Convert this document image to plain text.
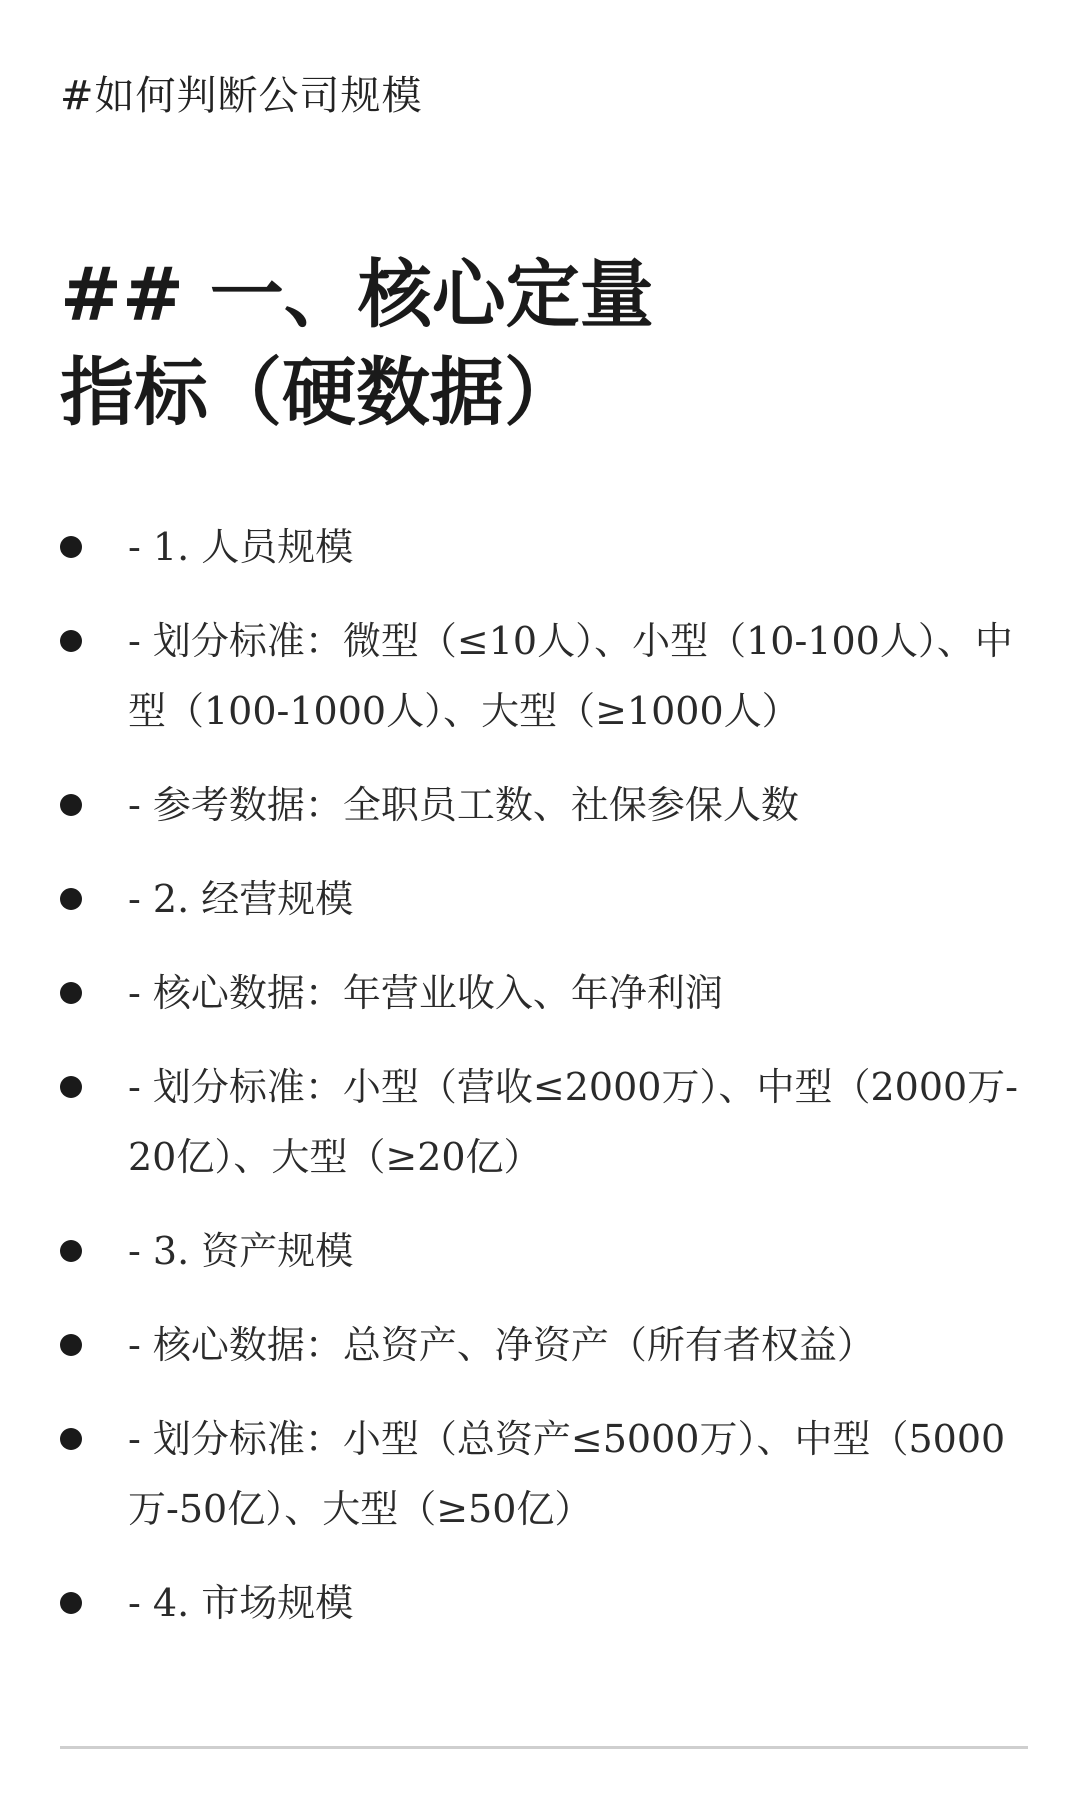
#如何判断公司规模
## 一、核心定量
指标（硬数据）
- 1. 人员规模
- 划分标准：微型（≤10人）、小型（10-100人）、中型（100-1000人）、大型（≥1000人）
- 参考数据：全职员工数、社保参保人数
- 2. 经营规模
- 核心数据：年营业收入、年净利润
- 划分标准：小型（营收≤2000万）、中型（2000万-20亿）、大型（≥20亿）
- 3. 资产规模
- 核心数据：总资产、净资产（所有者权益）
- 划分标准：小型（总资产≤5000万）、中型（5000万-50亿）、大型（≥50亿）
- 4. 市场规模
